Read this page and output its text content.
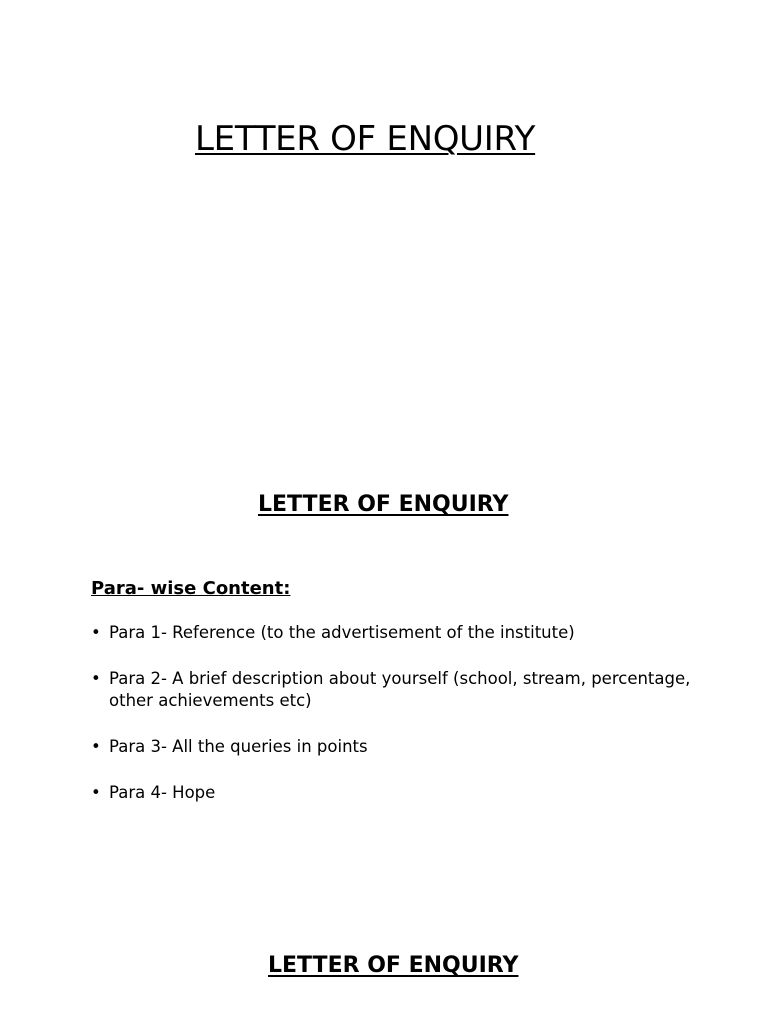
LETTER OF ENQUIRY
LETTER OF ENQUIRY
Para- wise Content:
• Para 1- Reference (to the advertisement of the institute)
• Para 2- A brief description about yourself (school, stream, percentage, other achievements etc)
• Para 3- All the queries in points
• Para 4- Hope
LETTER OF ENQUIRY
